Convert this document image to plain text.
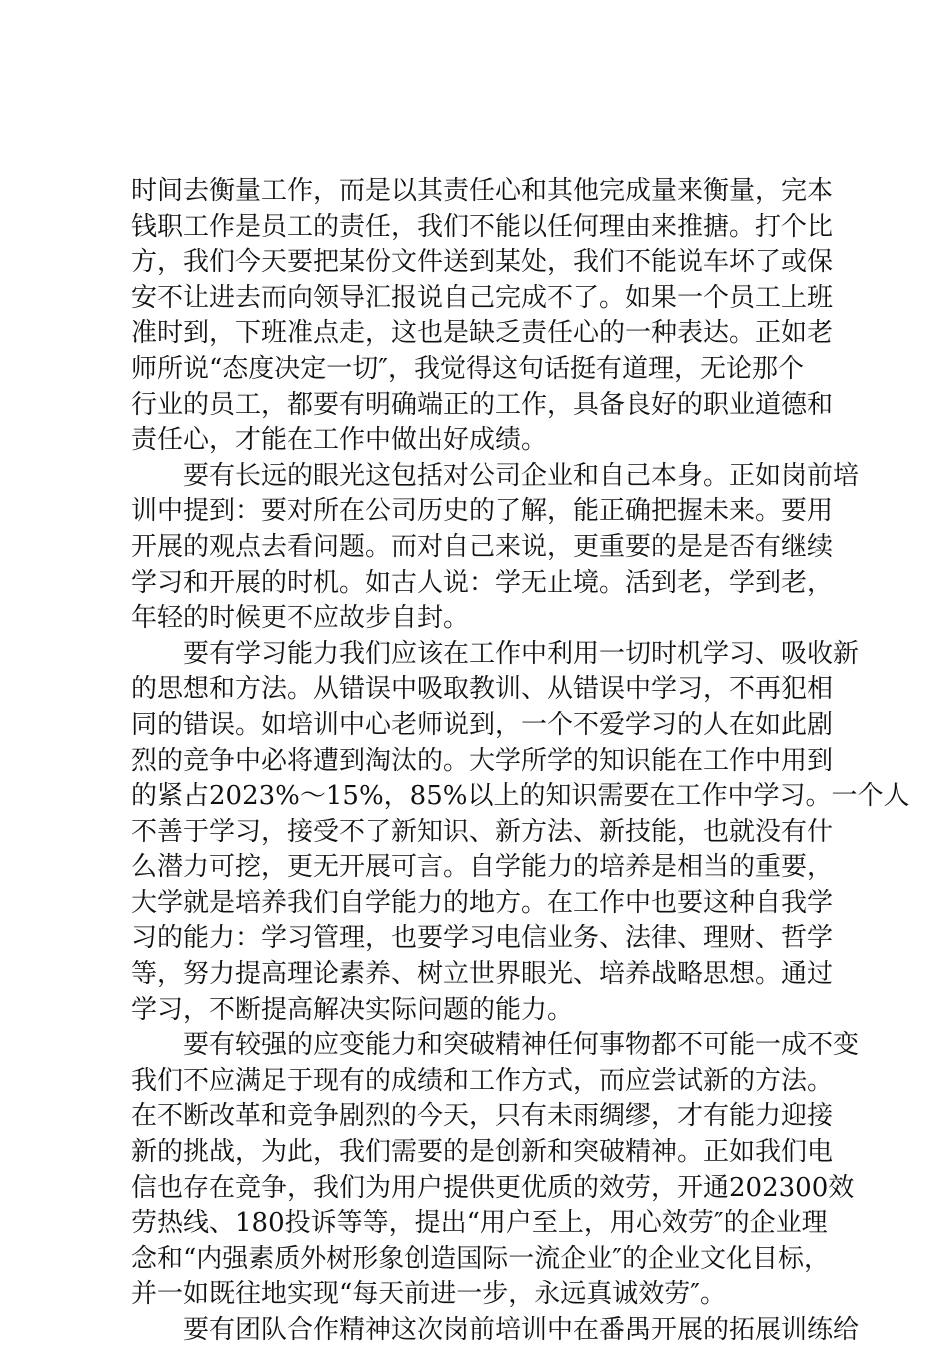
时间去衡量工作，而是以其责任心和其他完成量来衡量，完本
钱职工作是员工的责任，我们不能以任何理由来推搪。打个比
方，我们今天要把某份文件送到某处，我们不能说车坏了或保
安不让进去而向领导汇报说自己完成不了。如果一个员工上班
准时到，下班准点走，这也是缺乏责任心的一种表达。正如老
师所说“态度决定一切″，我觉得这句话挺有道理，无论那个
行业的员工，都要有明确端正的工作，具备良好的职业道德和
责任心，才能在工作中做出好成绩。
要有长远的眼光这包括对公司企业和自己本身。正如岗前培
训中提到：要对所在公司历史的了解，能正确把握未来。要用
开展的观点去看问题。而对自己来说，更重要的是是否有继续
学习和开展的时机。如古人说：学无止境。活到老，学到老，
年轻的时候更不应故步自封。
要有学习能力我们应该在工作中利用一切时机学习、吸收新
的思想和方法。从错误中吸取教训、从错误中学习，不再犯相
同的错误。如培训中心老师说到，一个不爱学习的人在如此剧
烈的竞争中必将遭到淘汰的。大学所学的知识能在工作中用到
的紧占2023%～15%，85%以上的知识需要在工作中学习。一个人
不善于学习，接受不了新知识、新方法、新技能，也就没有什
么潜力可挖，更无开展可言。自学能力的培养是相当的重要，
大学就是培养我们自学能力的地方。在工作中也要这种自我学
习的能力：学习管理，也要学习电信业务、法律、理财、哲学
等，努力提高理论素养、树立世界眼光、培养战略思想。通过
学习，不断提高解决实际问题的能力。
要有较强的应变能力和突破精神任何事物都不可能一成不变
我们不应满足于现有的成绩和工作方式，而应尝试新的方法。
在不断改革和竞争剧烈的今天，只有未雨绸缪，才有能力迎接
新的挑战，为此，我们需要的是创新和突破精神。正如我们电
信也存在竞争，我们为用户提供更优质的效劳，开通202300效
劳热线、180投诉等等，提出“用户至上，用心效劳″的企业理
念和“内强素质外树形象创造国际一流企业″的企业文化目标，
并一如既往地实现“每天前进一步，永远真诚效劳″。
要有团队合作精神这次岗前培训中在番禺开展的拓展训练给
